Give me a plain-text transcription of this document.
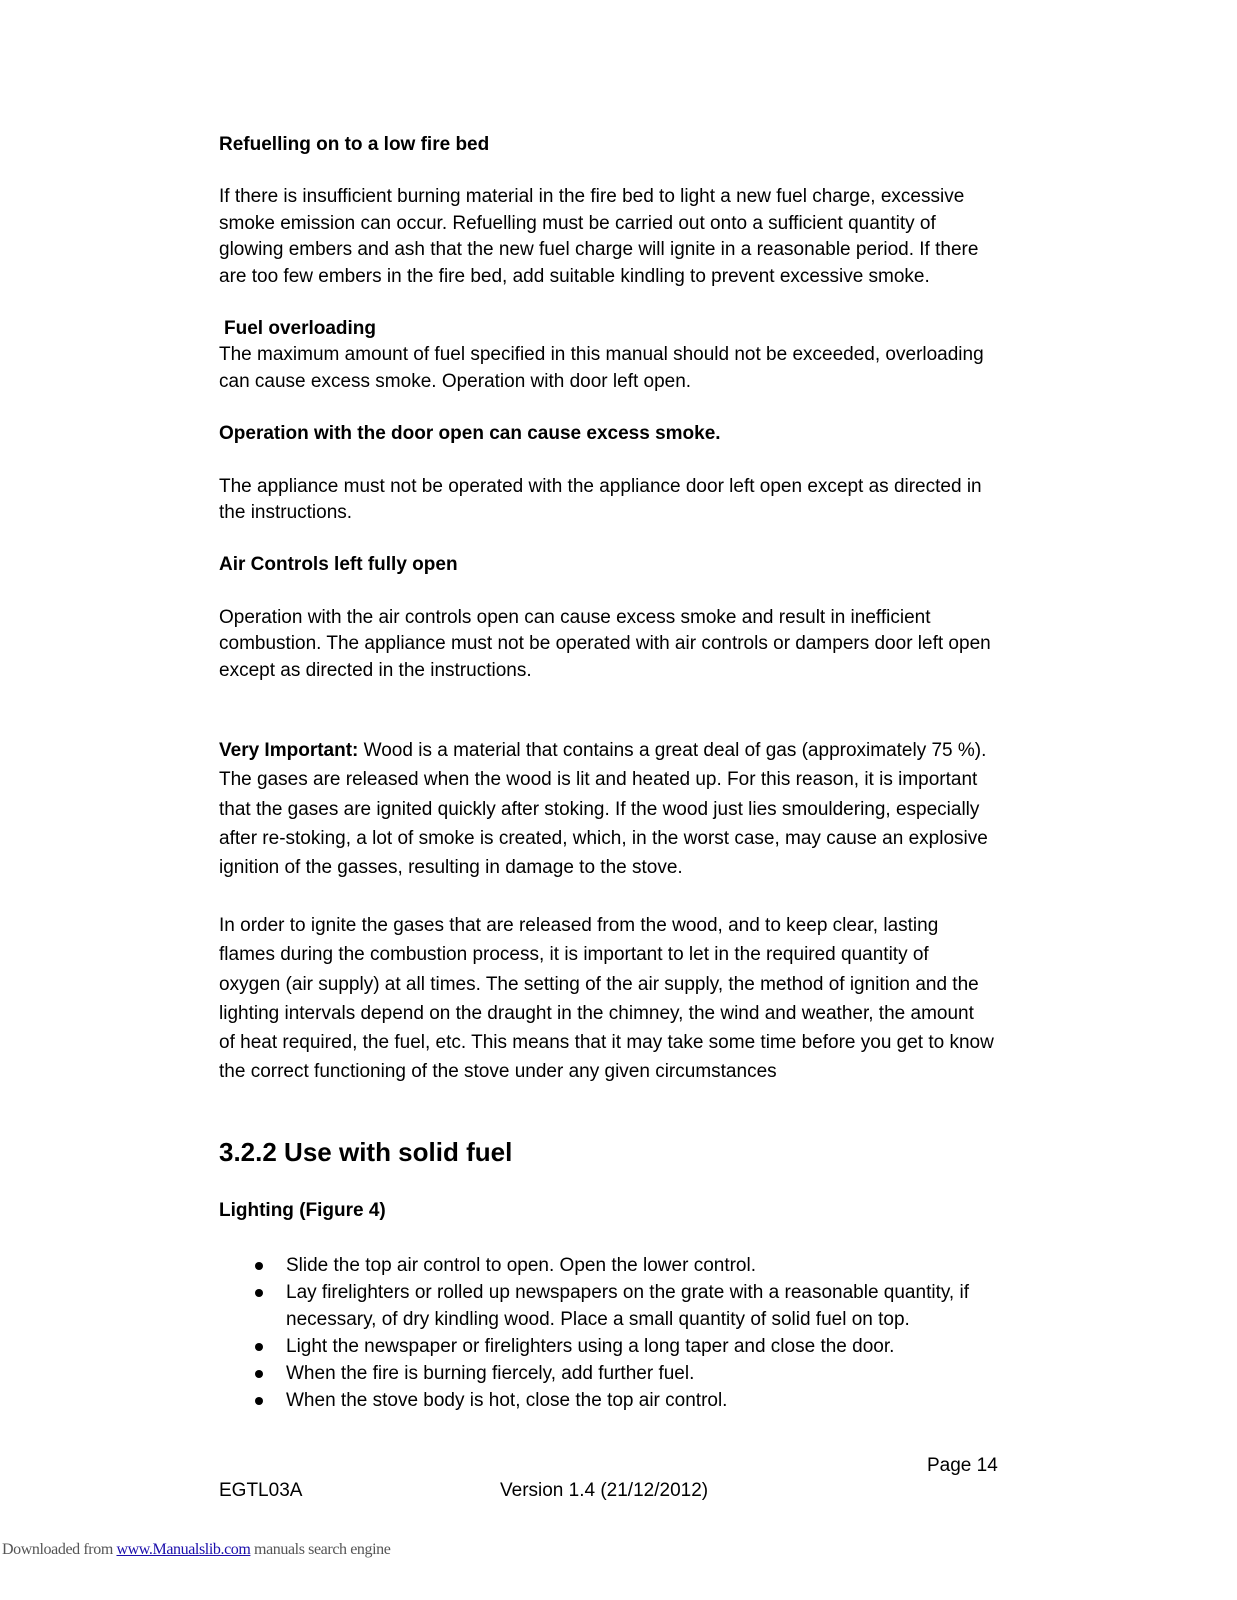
Refuelling on to a low fire bed

If there is insufficient burning material in the fire bed to light a new fuel charge, excessive smoke emission can occur. Refuelling must be carried out onto a sufficient quantity of glowing embers and ash that the new fuel charge will ignite in a reasonable period. If there are too few embers in the fire bed, add suitable kindling to prevent excessive smoke.

Fuel overloading

The maximum amount of fuel specified in this manual should not be exceeded, overloading can cause excess smoke. Operation with door left open.

Operation with the door open can cause excess smoke.

The appliance must not be operated with the appliance door left open except as directed in the instructions.

Air Controls left fully open

Operation with the air controls open can cause excess smoke and result in inefficient combustion. The appliance must not be operated with air controls or dampers door left open except as directed in the instructions.

Very Important: Wood is a material that contains a great deal of gas (approximately 75 %). The gases are released when the wood is lit and heated up. For this reason, it is important that the gases are ignited quickly after stoking. If the wood just lies smouldering, especially after re-stoking, a lot of smoke is created, which, in the worst case, may cause an explosive ignition of the gasses, resulting in damage to the stove.

In order to ignite the gases that are released from the wood, and to keep clear, lasting flames during the combustion process, it is important to let in the required quantity of oxygen (air supply) at all times. The setting of the air supply, the method of ignition and the lighting intervals depend on the draught in the chimney, the wind and weather, the amount of heat required, the fuel, etc. This means that it may take some time before you get to know the correct functioning of the stove under any given circumstances

3.2.2 Use with solid fuel

Lighting (Figure 4)

Slide the top air control to open. Open the lower control.
Lay firelighters or rolled up newspapers on the grate with a reasonable quantity, if necessary, of dry kindling wood. Place a small quantity of solid fuel on top.
Light the newspaper or firelighters using a long taper and close the door.
When the fire is burning fiercely, add further fuel.
When the stove body is hot, close the top air control.
Page 14
EGTL03A	Version 1.4 (21/12/2012)
Downloaded from www.Manualslib.com manuals search engine
